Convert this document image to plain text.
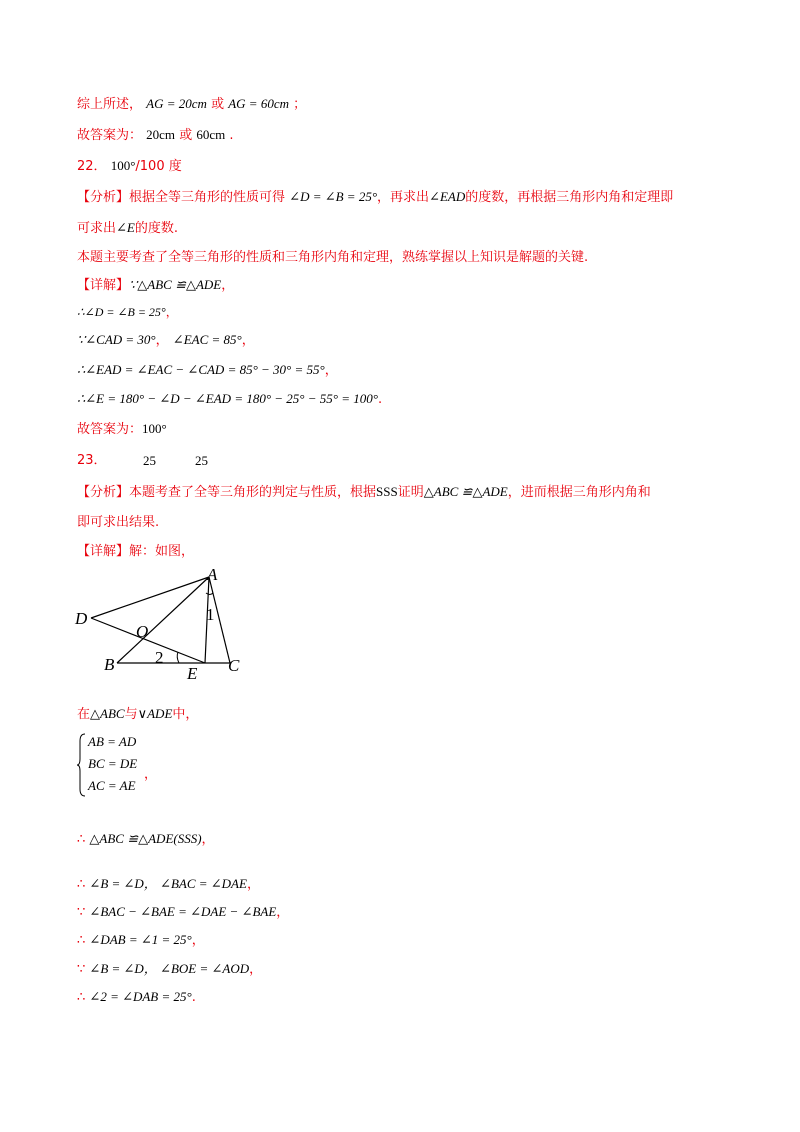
综上所述， AG = 20cm 或 AG = 60cm ；
故答案为： 20cm 或 60cm .
22． 100°/100 度
【分析】根据全等三角形的性质可得 ∠D = ∠B = 25°，再求出∠EAD的度数，再根据三角形内角和定理即
可求出∠E的度数.
本题主要考查了全等三角形的性质和三角形内角和定理，熟练掌握以上知识是解题的关键.
【详解】∵△ABC ≌△ADE，
∴∠D = ∠B = 25°，
∵∠CAD = 30°， ∠EAC = 85°，
∴∠EAD = ∠EAC − ∠CAD = 85° − 30° = 55°，
∴∠E = 180° − ∠D − ∠EAD = 180° − 25° − 55° = 100°.
故答案为：100°
23．	25	25
【分析】本题考查了全等三角形的判定与性质，根据SSS证明△ABC ≌△ADE，进而根据三角形内角和
即可求出结果.
【详解】解：如图，
A
D
O
B	E C
1
2
在△ABC与∨ADE中，
AB = AD
BC = DE
AC = AE
，
∴ △ABC ≌△ADE(SSS)，
∴ ∠B = ∠D， ∠BAC = ∠DAE，
∵ ∠BAC − ∠BAE = ∠DAE − ∠BAE，
∴ ∠DAB = ∠1 = 25°，
∵ ∠B = ∠D， ∠BOE = ∠AOD，
∴ ∠2 = ∠DAB = 25°.
